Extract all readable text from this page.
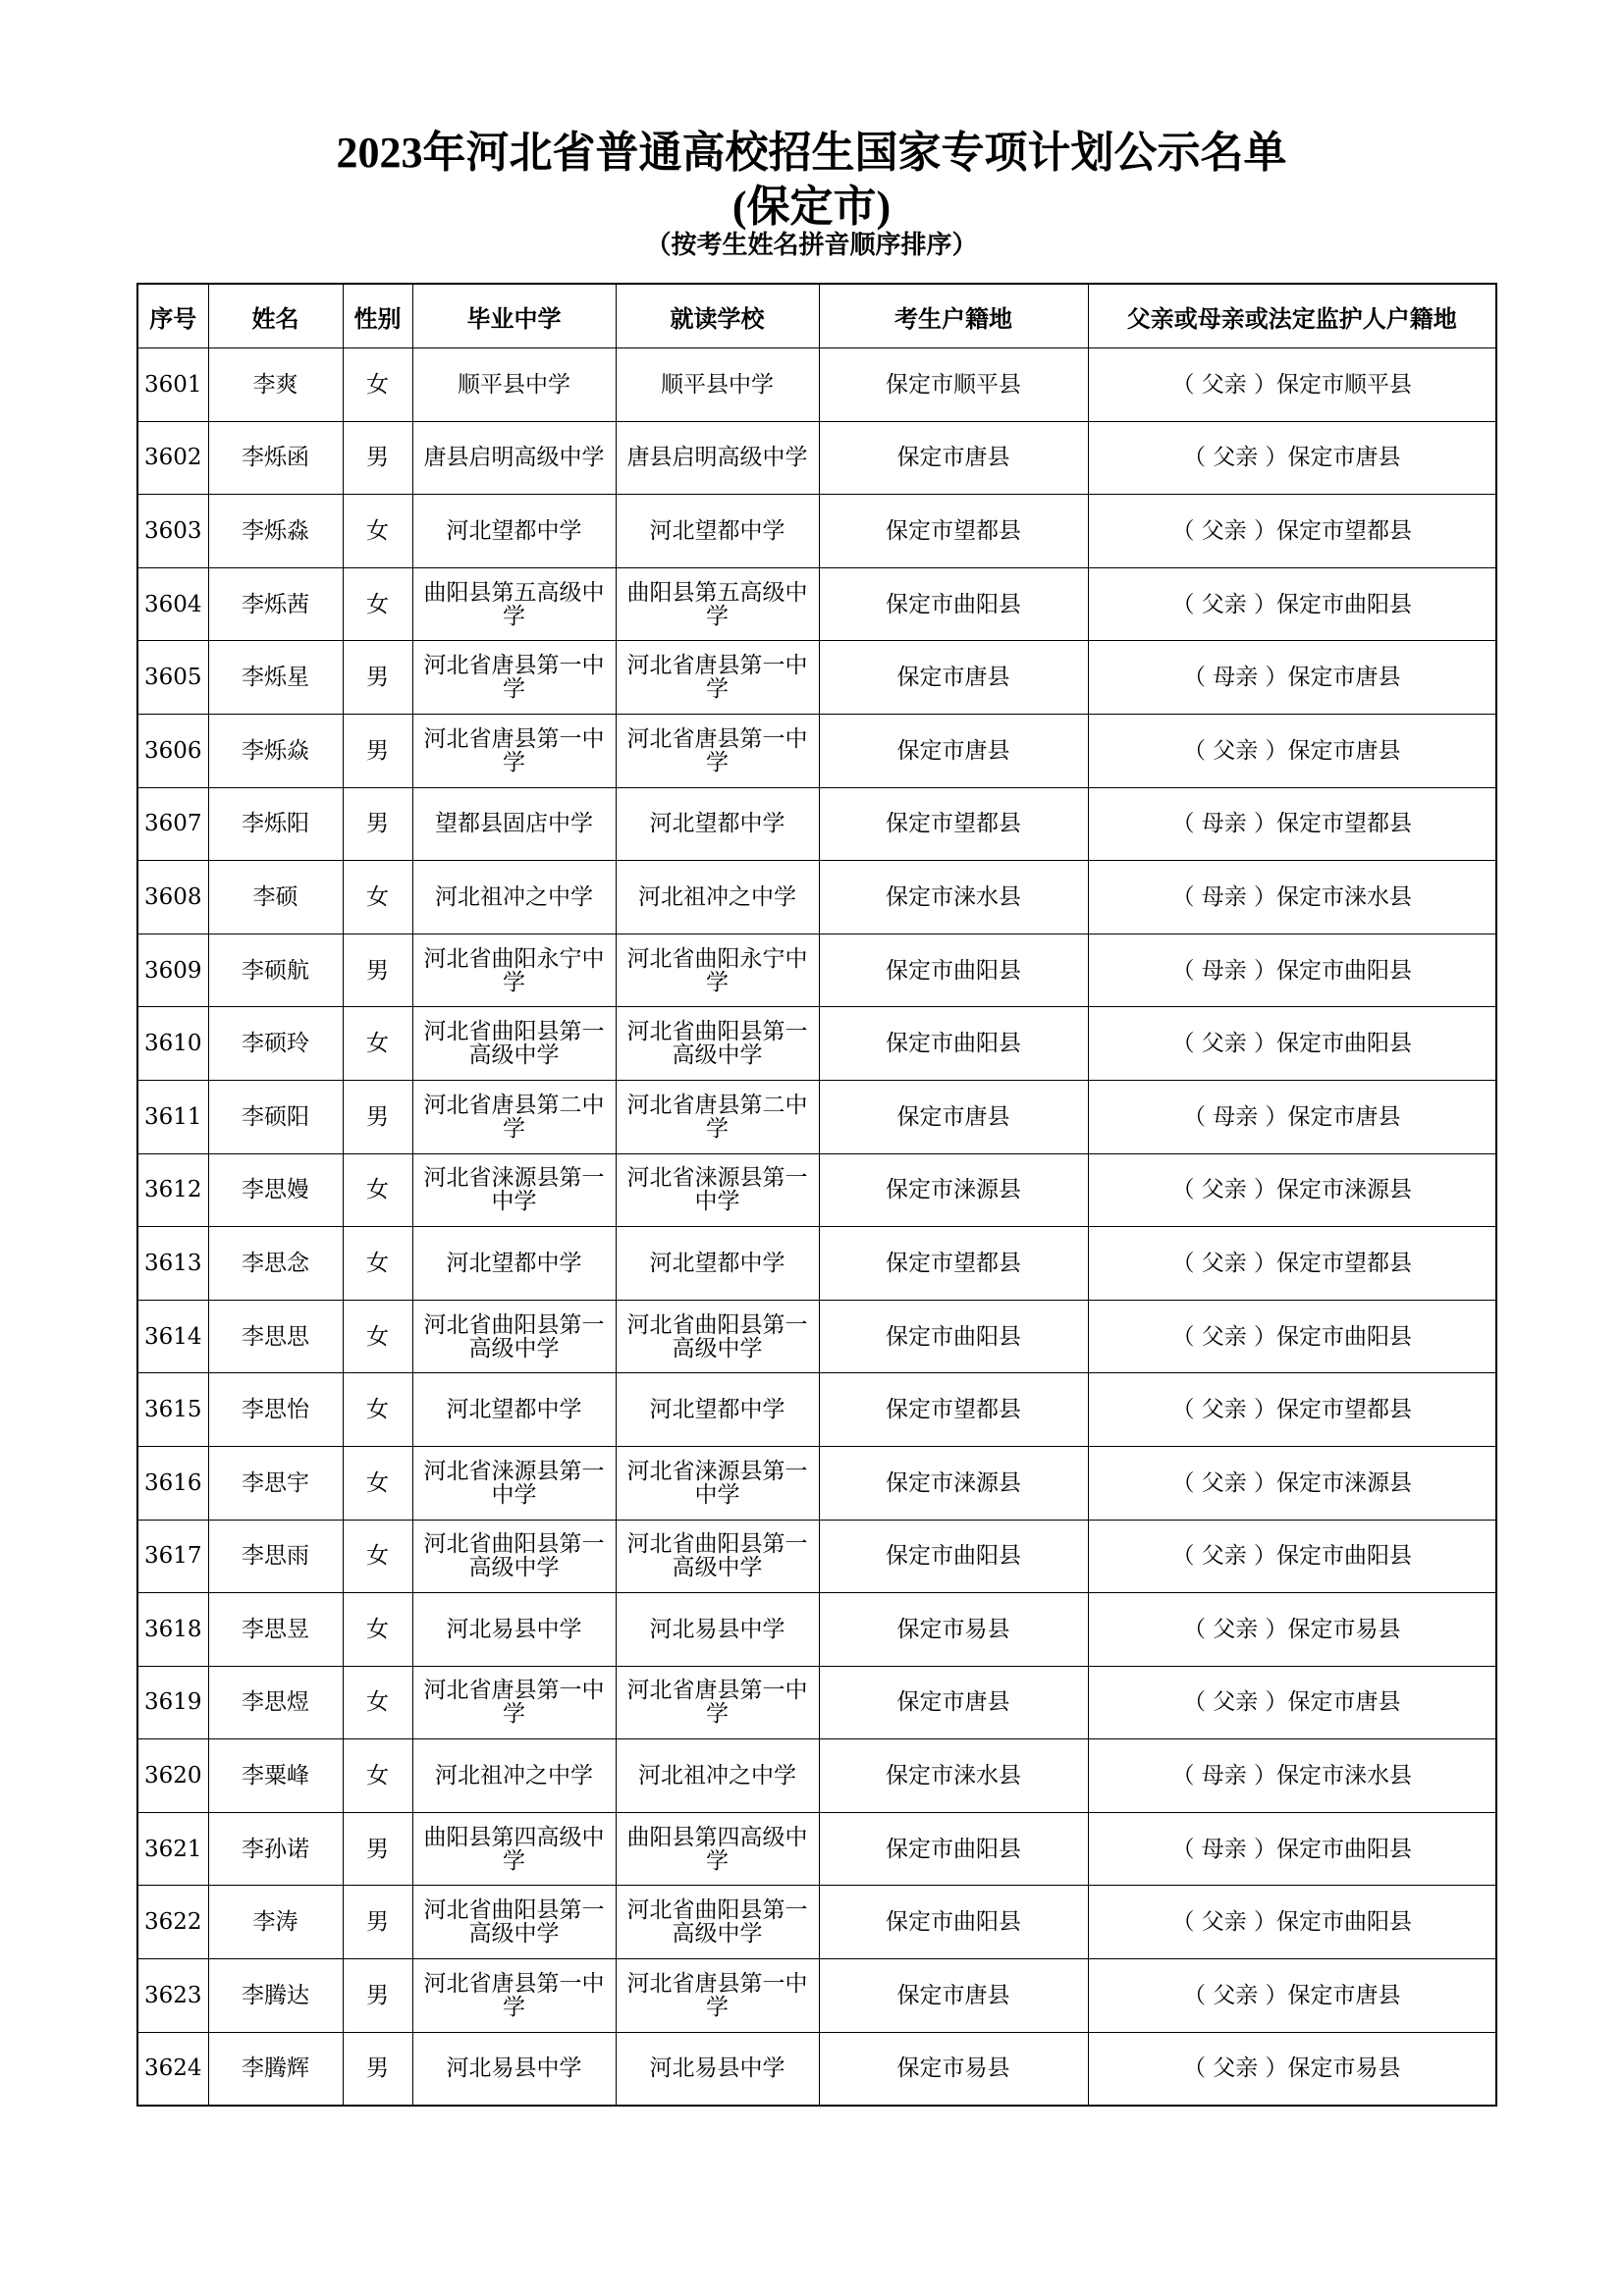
2023年河北省普通高校招生国家专项计划公示名单
(保定市)
（按考生姓名拼音顺序排序）
序号	姓名	性别	毕业中学	就读学校	考生户籍地	父亲或母亲或法定监护人户籍地
3601	李爽	女	顺平县中学	顺平县中学	保定市顺平县	（ 父亲 ）保定市顺平县
3602	李烁函	男	唐县启明高级中学	唐县启明高级中学	保定市唐县	（ 父亲 ）保定市唐县
3603	李烁淼	女	河北望都中学	河北望都中学	保定市望都县	（ 父亲 ）保定市望都县
3604	李烁茜	女	曲阳县第五高级中学	曲阳县第五高级中学	保定市曲阳县	（ 父亲 ）保定市曲阳县
3605	李烁星	男	河北省唐县第一中学	河北省唐县第一中学	保定市唐县	（ 母亲 ）保定市唐县
3606	李烁焱	男	河北省唐县第一中学	河北省唐县第一中学	保定市唐县	（ 父亲 ）保定市唐县
3607	李烁阳	男	望都县固店中学	河北望都中学	保定市望都县	（ 母亲 ）保定市望都县
3608	李硕	女	河北祖冲之中学	河北祖冲之中学	保定市涞水县	（ 母亲 ）保定市涞水县
3609	李硕航	男	河北省曲阳永宁中学	河北省曲阳永宁中学	保定市曲阳县	（ 母亲 ）保定市曲阳县
3610	李硕玲	女	河北省曲阳县第一高级中学	河北省曲阳县第一高级中学	保定市曲阳县	（ 父亲 ）保定市曲阳县
3611	李硕阳	男	河北省唐县第二中学	河北省唐县第二中学	保定市唐县	（ 母亲 ）保定市唐县
3612	李思嫚	女	河北省涞源县第一中学	河北省涞源县第一中学	保定市涞源县	（ 父亲 ）保定市涞源县
3613	李思念	女	河北望都中学	河北望都中学	保定市望都县	（ 父亲 ）保定市望都县
3614	李思思	女	河北省曲阳县第一高级中学	河北省曲阳县第一高级中学	保定市曲阳县	（ 父亲 ）保定市曲阳县
3615	李思怡	女	河北望都中学	河北望都中学	保定市望都县	（ 父亲 ）保定市望都县
3616	李思宇	女	河北省涞源县第一中学	河北省涞源县第一中学	保定市涞源县	（ 父亲 ）保定市涞源县
3617	李思雨	女	河北省曲阳县第一高级中学	河北省曲阳县第一高级中学	保定市曲阳县	（ 父亲 ）保定市曲阳县
3618	李思昱	女	河北易县中学	河北易县中学	保定市易县	（ 父亲 ）保定市易县
3619	李思煜	女	河北省唐县第一中学	河北省唐县第一中学	保定市唐县	（ 父亲 ）保定市唐县
3620	李粟峰	女	河北祖冲之中学	河北祖冲之中学	保定市涞水县	（ 母亲 ）保定市涞水县
3621	李孙诺	男	曲阳县第四高级中学	曲阳县第四高级中学	保定市曲阳县	（ 母亲 ）保定市曲阳县
3622	李涛	男	河北省曲阳县第一高级中学	河北省曲阳县第一高级中学	保定市曲阳县	（ 父亲 ）保定市曲阳县
3623	李腾达	男	河北省唐县第一中学	河北省唐县第一中学	保定市唐县	（ 父亲 ）保定市唐县
3624	李腾辉	男	河北易县中学	河北易县中学	保定市易县	（ 父亲 ）保定市易县
